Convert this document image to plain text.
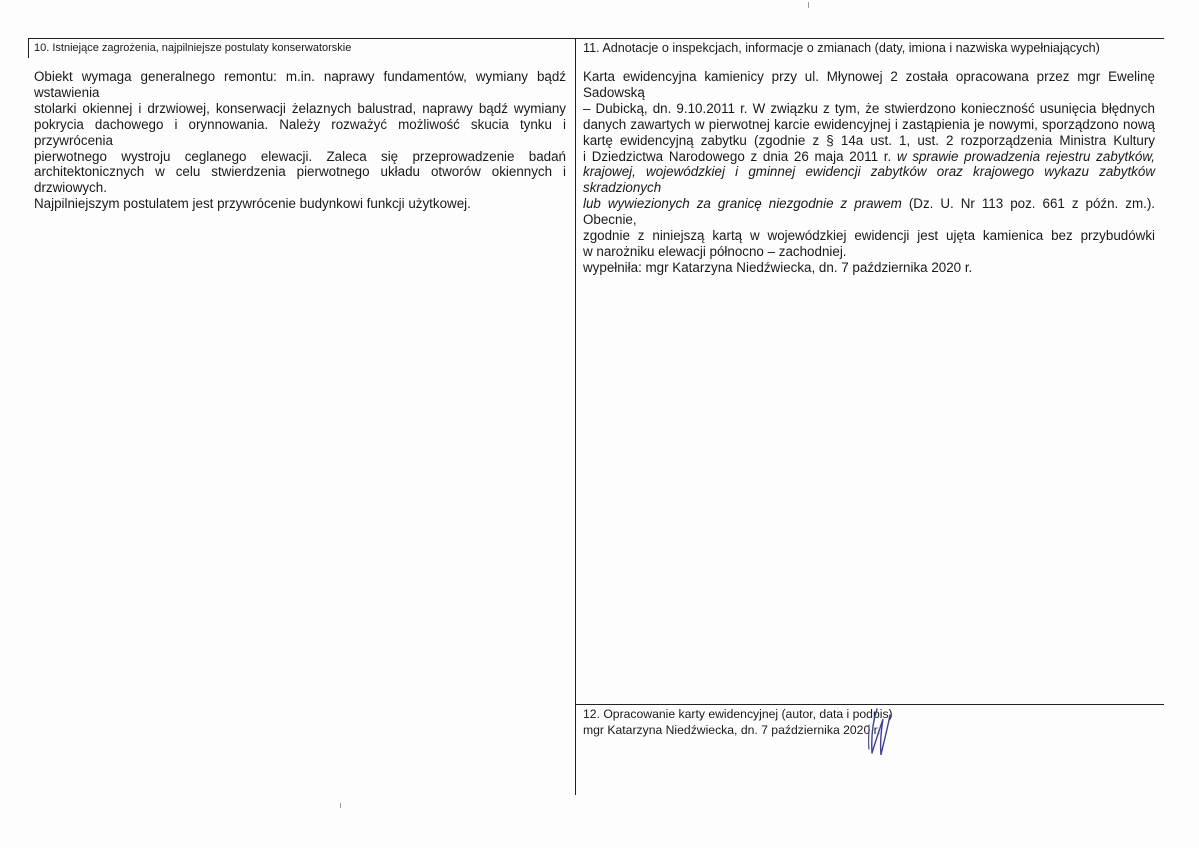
10. Istniejące zagrożenia, najpilniejsze postulaty konserwatorskie

Obiekt wymaga generalnego remontu: m.in. naprawy fundamentów, wymiany bądź wstawienia

stolarki okiennej i drzwiowej, konserwacji żelaznych balustrad, naprawy bądź wymiany

pokrycia dachowego i orynnowania. Należy rozważyć możliwość skucia tynku i przywrócenia

pierwotnego wystroju ceglanego elewacji. Zaleca się przeprowadzenie badań

architektonicznych w celu stwierdzenia pierwotnego układu otworów okiennych i drzwiowych.

Najpilniejszym postulatem jest przywrócenie budynkowi funkcji użytkowej.

11. Adnotacje o inspekcjach, informacje o zmianach (daty, imiona i nazwiska wypełniających)

Karta ewidencyjna kamienicy przy ul. Młynowej 2 została opracowana przez mgr Ewelinę Sadowską

– Dubicką, dn. 9.10.2011 r. W związku z tym, że stwierdzono konieczność usunięcia błędnych

danych zawartych w pierwotnej karcie ewidencyjnej i zastąpienia je nowymi, sporządzono nową

kartę ewidencyjną zabytku (zgodnie z § 14a ust. 1, ust. 2 rozporządzenia Ministra Kultury

i Dziedzictwa Narodowego z dnia 26 maja 2011 r. w sprawie prowadzenia rejestru zabytków,

krajowej, wojewódzkiej i gminnej ewidencji zabytków oraz krajowego wykazu zabytków skradzionych

lub wywiezionych za granicę niezgodnie z prawem (Dz. U. Nr 113 poz. 661 z późn. zm.). Obecnie,

zgodnie z niniejszą kartą w wojewódzkiej ewidencji jest ujęta kamienica bez przybudówki

w narożniku elewacji północno – zachodniej.

wypełniła: mgr Katarzyna Niedźwiecka, dn. 7 października 2020 r.

12. Opracowanie karty ewidencyjnej (autor, data i podpis)
mgr Katarzyna Niedźwiecka, dn. 7 października 2020 r.
